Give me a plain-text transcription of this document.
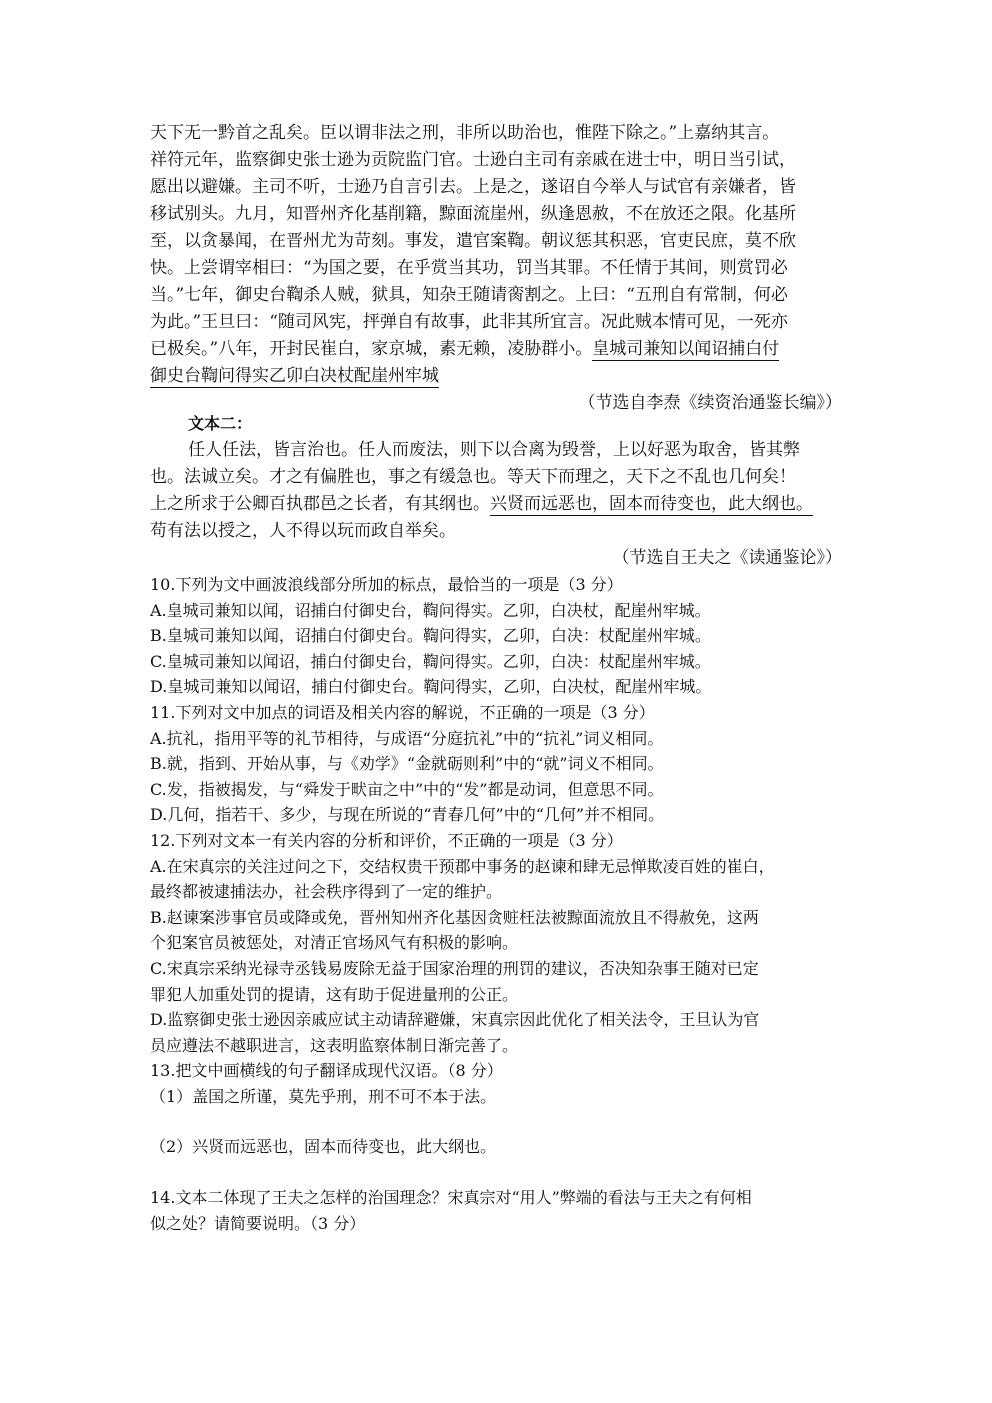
天下无一黔首之乱矣。臣以谓非法之刑，非所以助治也，惟陛下除之。”上嘉纳其言。
祥符元年，监察御史张士逊为贡院监门官。士逊白主司有亲戚在进士中，明日当引试，
愿出以避嫌。主司不听，士逊乃自言引去。上是之，遂诏自今举人与试官有亲嫌者，皆
移试别头。九月，知晋州齐化基削籍，黥面流崖州，纵逢恩赦，不在放还之限。化基所
至，以贪暴闻，在晋州尤为苛刻。事发，遣官案鞫。朝议惩其积恶，官吏民庶，莫不欣
快。上尝谓宰相曰：“为国之要，在乎赏当其功，罚当其罪。不任情于其间，则赏罚必
当。”七年，御史台鞫杀人贼，狱具，知杂王随请脔割之。上曰：“五刑自有常制，何必
为此。”王旦曰：“随司风宪，抨弹自有故事，此非其所宜言。况此贼本情可见，一死亦
已极矣。”八年，开封民崔白，家京城，素无赖，凌胁群小。皇城司兼知以闻诏捕白付
御史台鞫问得实乙卯白决杖配崖州牢城
（节选自李焘《续资治通鉴长编》）
文本二：
任人任法，皆言治也。任人而废法，则下以合离为毁誉，上以好恶为取舍，皆其弊
也。法诚立矣。才之有偏胜也，事之有缓急也。等天下而理之，天下之不乱也几何矣！
上之所求于公卿百执郡邑之长者，有其纲也。兴贤而远恶也，固本而待变也，此大纲也。
苟有法以授之，人不得以玩而政自举矣。
（节选自王夫之《读通鉴论》）
10.下列为文中画波浪线部分所加的标点，最恰当的一项是（3 分）
A.皇城司兼知以闻，诏捕白付御史台，鞫问得实。乙卯，白决杖，配崖州牢城。
B.皇城司兼知以闻，诏捕白付御史台。鞫问得实，乙卯，白决：杖配崖州牢城。
C.皇城司兼知以闻诏，捕白付御史台，鞫问得实。乙卯，白决：杖配崖州牢城。
D.皇城司兼知以闻诏，捕白付御史台。鞫问得实，乙卯，白决杖，配崖州牢城。
11.下列对文中加点的词语及相关内容的解说，不正确的一项是（3 分）
A.抗礼，指用平等的礼节相待，与成语“分庭抗礼”中的“抗礼”词义相同。
B.就，指到、开始从事，与《劝学》“金就砺则利”中的“就”词义不相同。
C.发，指被揭发，与“舜发于畎亩之中”中的“发”都是动词，但意思不同。
D.几何，指若干、多少，与现在所说的“青春几何”中的“几何”并不相同。
12.下列对文本一有关内容的分析和评价，不正确的一项是（3 分）
A.在宋真宗的关注过问之下，交结权贵干预郡中事务的赵谏和肆无忌惮欺凌百姓的崔白，
最终都被逮捕法办，社会秩序得到了一定的维护。
B.赵谏案涉事官员或降或免，晋州知州齐化基因贪赃枉法被黥面流放且不得赦免，这两
个犯案官员被惩处，对清正官场风气有积极的影响。
C.宋真宗采纳光禄寺丞钱易废除无益于国家治理的刑罚的建议，否决知杂事王随对已定
罪犯人加重处罚的提请，这有助于促进量刑的公正。
D.监察御史张士逊因亲戚应试主动请辞避嫌，宋真宗因此优化了相关法令，王旦认为官
员应遵法不越职进言，这表明监察体制日渐完善了。
13.把文中画横线的句子翻译成现代汉语。（8 分）
（1）盖国之所谨，莫先乎刑，刑不可不本于法。
（2）兴贤而远恶也，固本而待变也，此大纲也。
14.文本二体现了王夫之怎样的治国理念？宋真宗对“用人”弊端的看法与王夫之有何相
似之处？请简要说明。（3 分）
